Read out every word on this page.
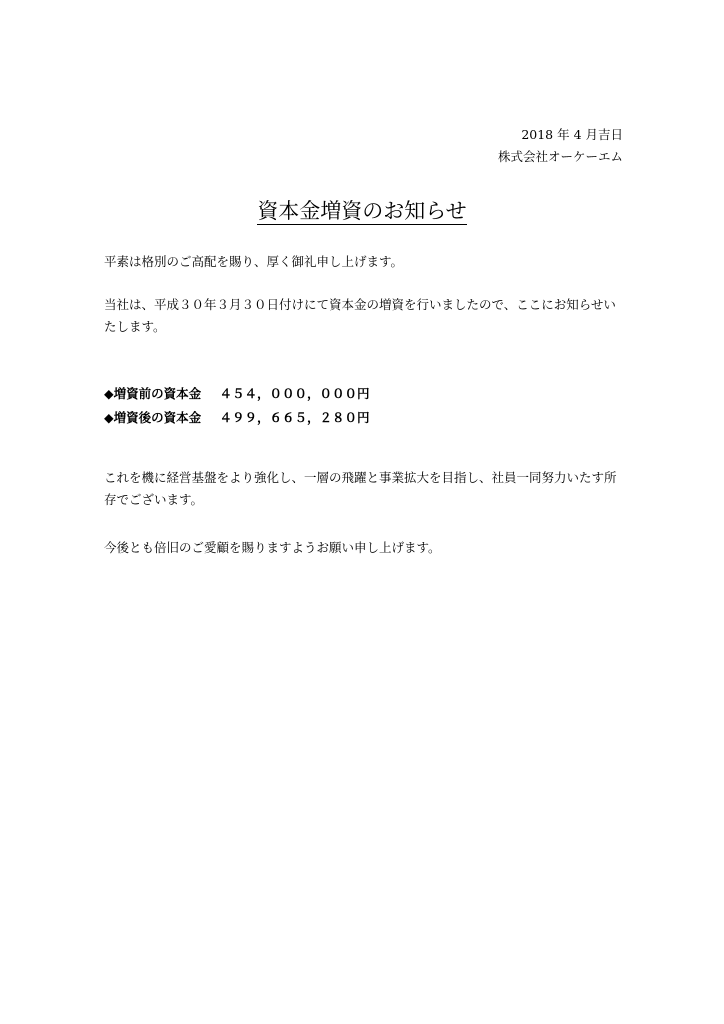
2018 年 4 月吉日
株式会社オーケーエム
資本金増資のお知らせ

平素は格別のご高配を賜り、厚く御礼申し上げます。

当社は、平成３０年３月３０日付けにて資本金の増資を行いましたので、ここにお知らせいたします。

◆増資前の資本金 ４５４，０００，０００円
◆増資後の資本金 ４９９，６６５，２８０円

これを機に経営基盤をより強化し、一層の飛躍と事業拡大を目指し、社員一同努力いたす所存でございます。

今後とも倍旧のご愛顧を賜りますようお願い申し上げます。
